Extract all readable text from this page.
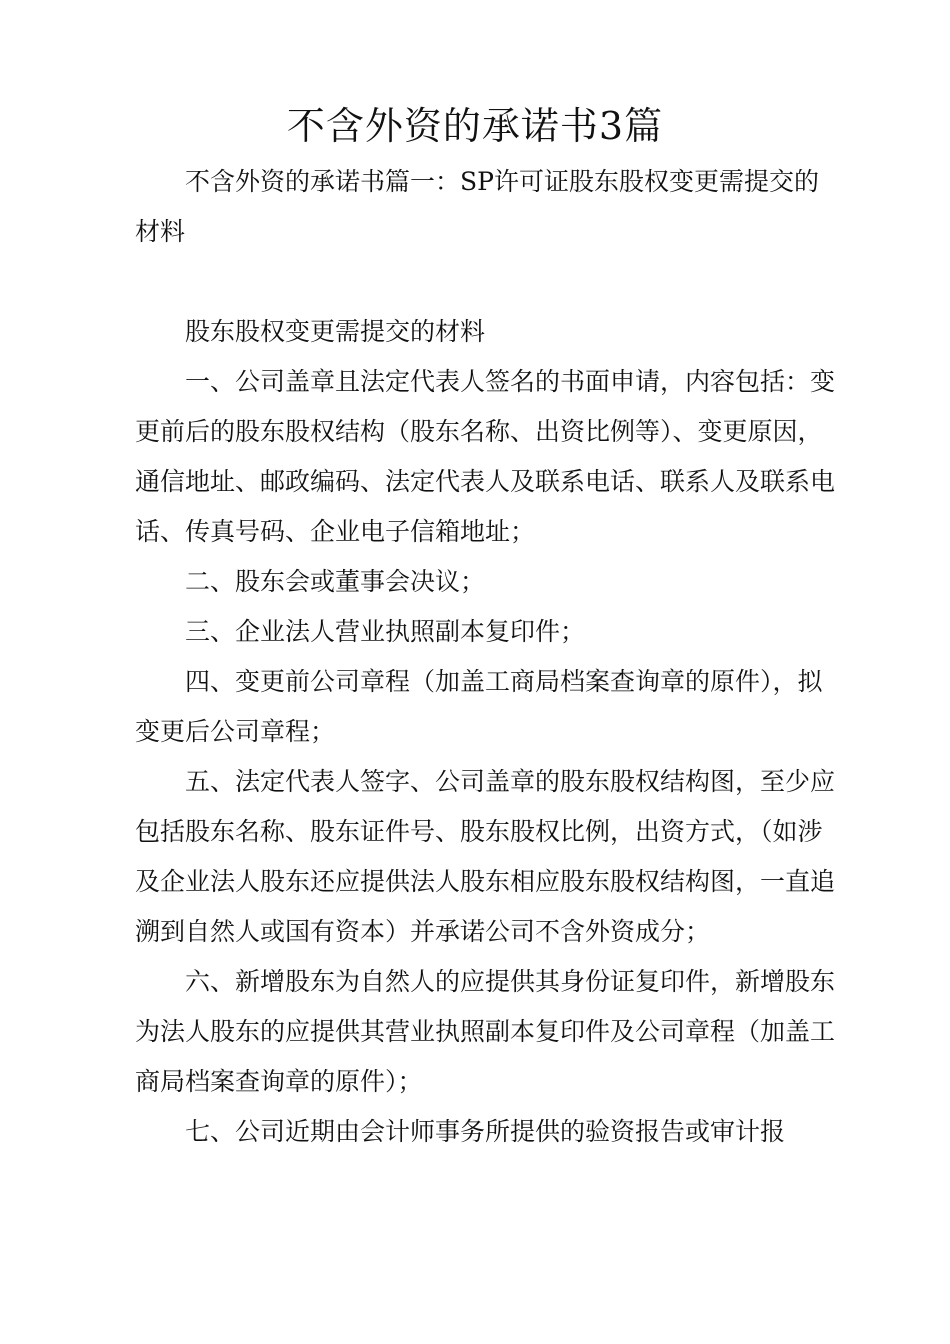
不含外资的承诺书3篇

不含外资的承诺书篇一：SP许可证股东股权变更需提交的材料

股东股权变更需提交的材料

一、公司盖章且法定代表人签名的书面申请，内容包括：变更前后的股东股权结构（股东名称、出资比例等）、变更原因，通信地址、邮政编码、法定代表人及联系电话、联系人及联系电话、传真号码、企业电子信箱地址；

二、股东会或董事会决议；

三、企业法人营业执照副本复印件；

四、变更前公司章程（加盖工商局档案查询章的原件），拟变更后公司章程；

五、法定代表人签字、公司盖章的股东股权结构图，至少应包括股东名称、股东证件号、股东股权比例，出资方式，（如涉及企业法人股东还应提供法人股东相应股东股权结构图，一直追溯到自然人或国有资本）并承诺公司不含外资成分；

六、新增股东为自然人的应提供其身份证复印件，新增股东为法人股东的应提供其营业执照副本复印件及公司章程（加盖工商局档案查询章的原件）；

七、公司近期由会计师事务所提供的验资报告或审计报
